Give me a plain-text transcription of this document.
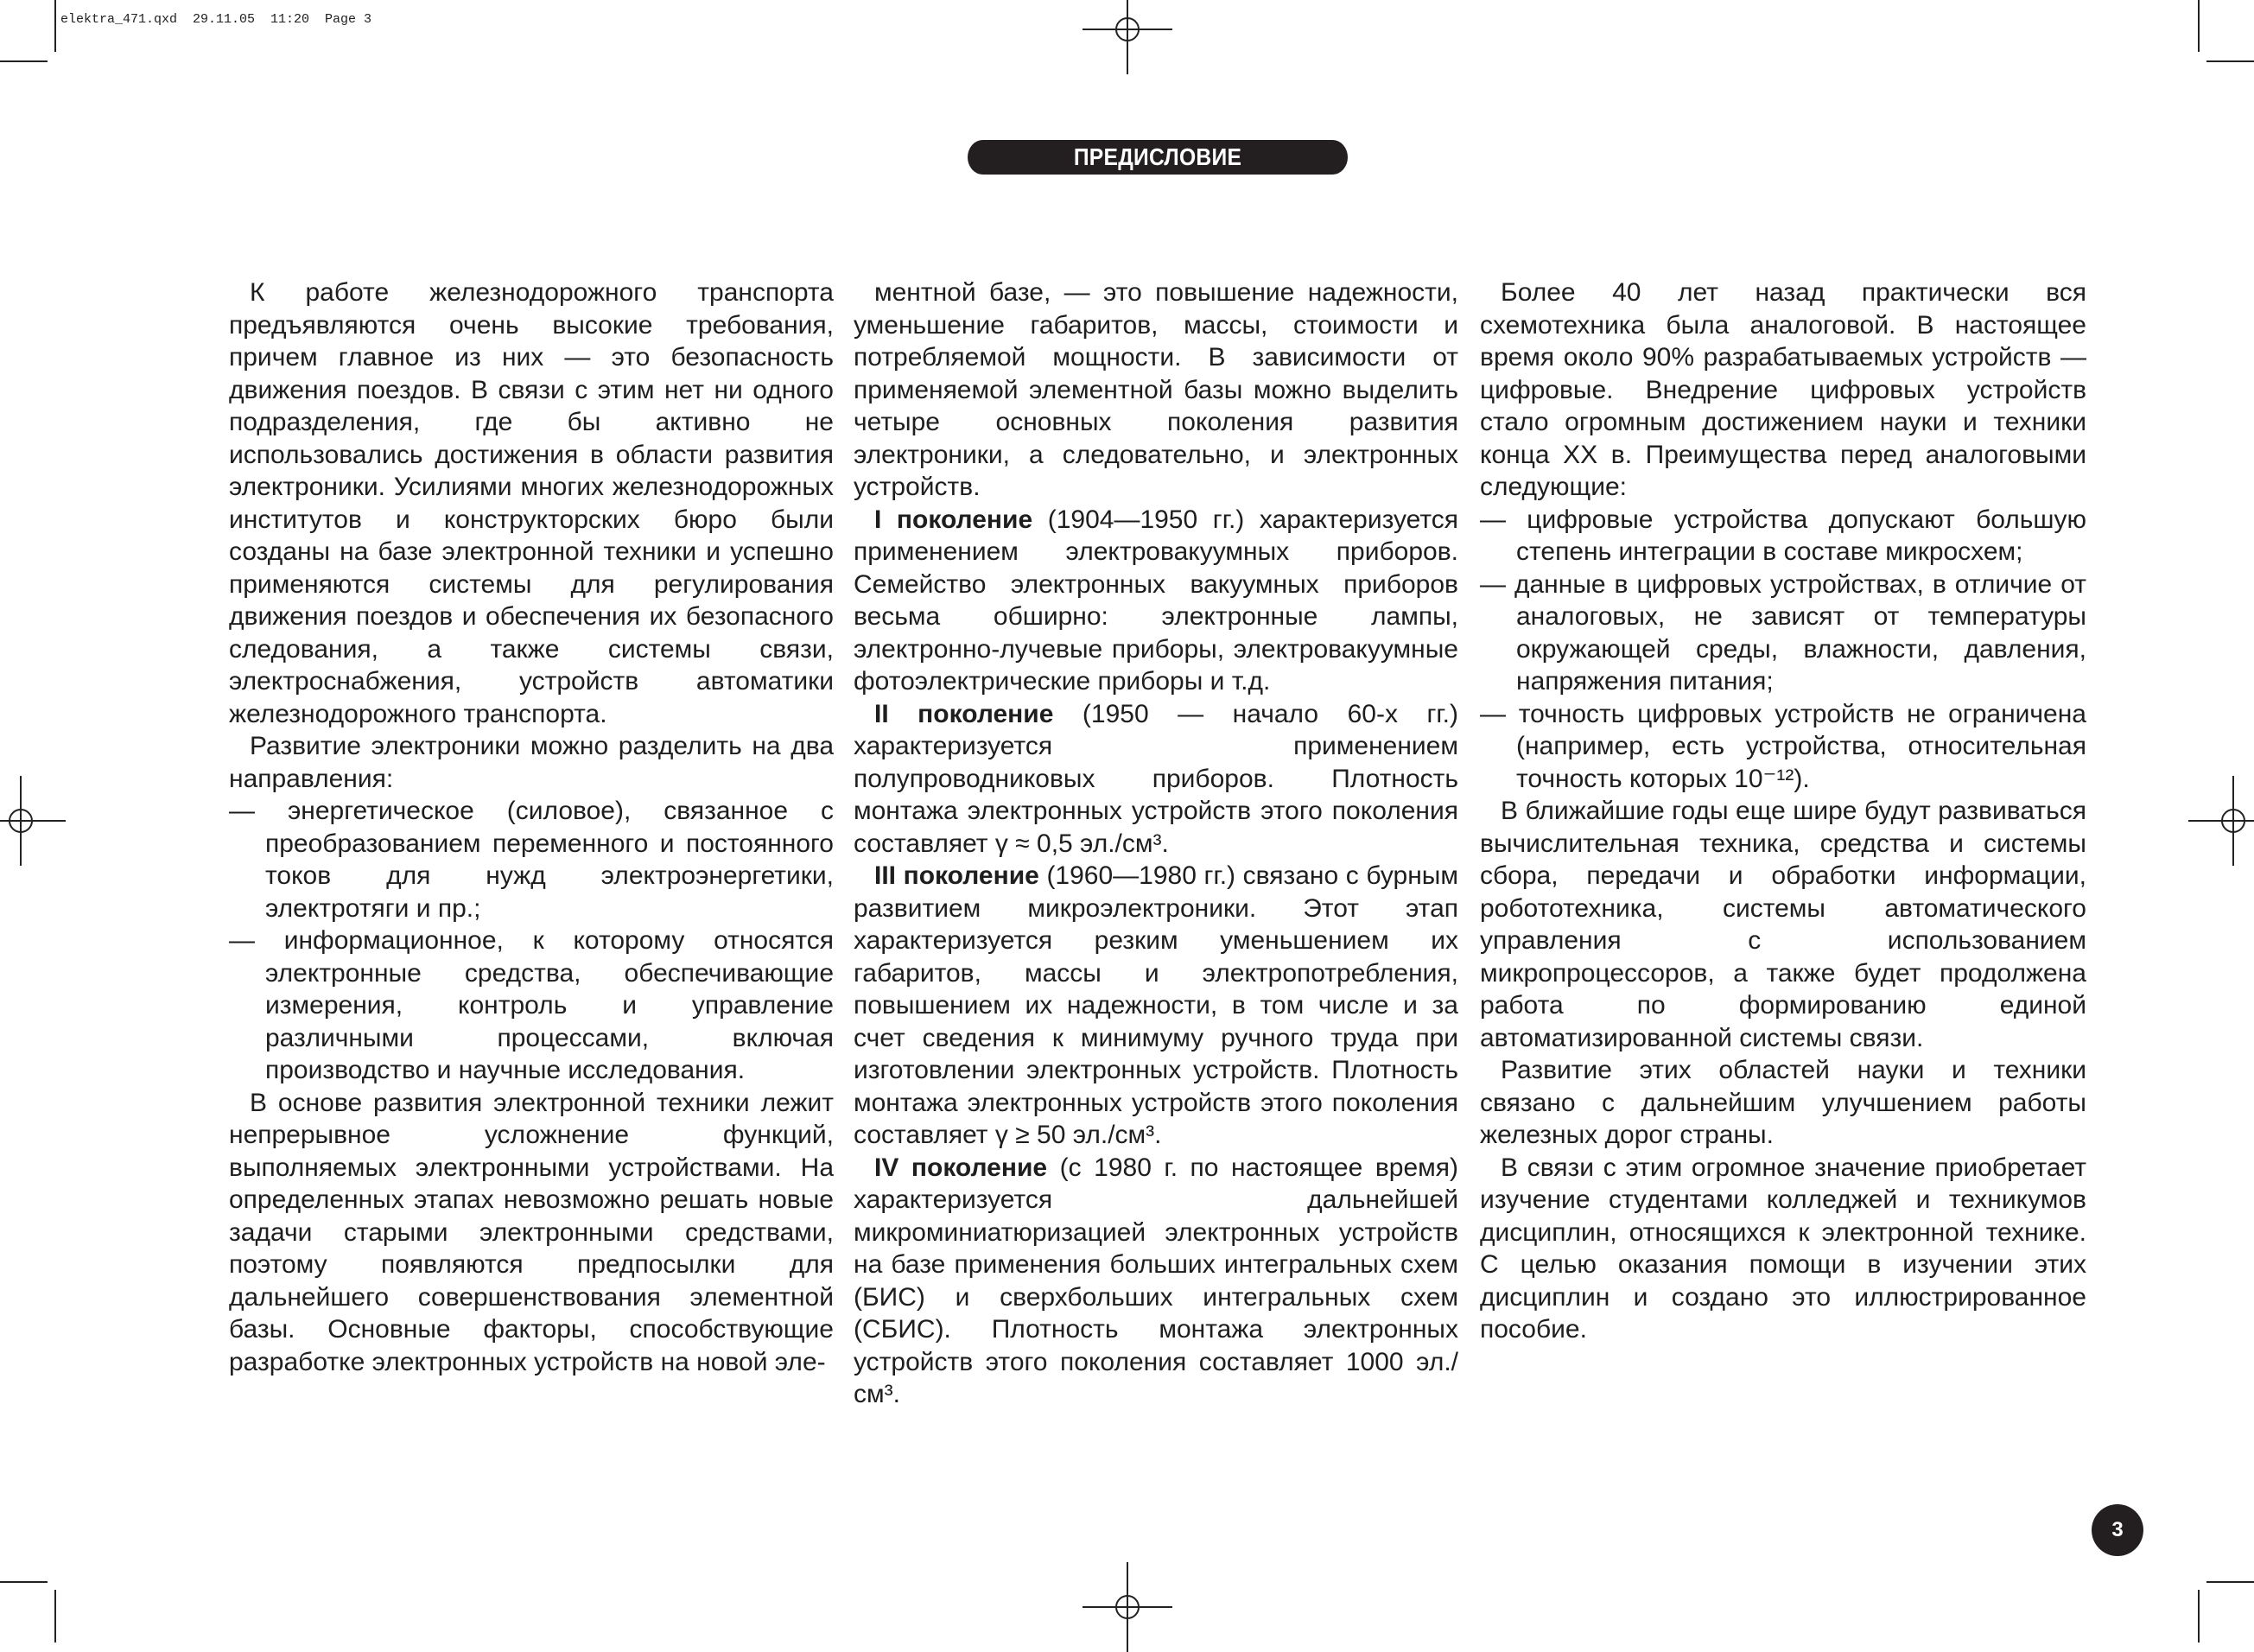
elektra_471.qxd  29.11.05  11:20  Page 3
ПРЕДИСЛОВИЕ

К работе железнодорожного транспорта предъявляются очень высокие требования, причем главное из них — это безопасность движения поездов. В связи с этим нет ни одного подразделения, где бы активно не использовались достижения в области развития электроники. Усилиями многих железнодорожных институтов и конструкторских бюро были созданы на базе электронной техники и успешно применяются системы для регулирования движения поездов и обеспечения их безопасного следования, а также системы связи, электроснабжения, устройств автоматики железнодорожного транспорта.

Развитие электроники можно разделить на два направления:

— энергетическое (силовое), связанное с преобразованием переменного и постоянного токов для нужд электроэнергетики, электротяги и пр.;

— информационное, к которому относятся электронные средства, обеспечивающие измерения, контроль и управление различными процессами, включая производство и научные исследования.

В основе развития электронной техники лежит непрерывное усложнение функций, выполняемых электронными устройствами. На определенных этапах невозможно решать новые задачи старыми электронными средствами, поэтому появляются предпосылки для дальнейшего совершенствования элементной базы. Основные факторы, способствующие разработке электронных устройств на новой эле-

ментной базе, — это повышение надежности, уменьшение габаритов, массы, стоимости и потребляемой мощности. В зависимости от применяемой элементной базы можно выделить четыре основных поколения развития электроники, а следовательно, и электронных устройств.

I поколение (1904—1950 гг.) характеризуется применением электровакуумных приборов. Семейство электронных вакуумных приборов весьма обширно: электронные лампы, электронно-лучевые приборы, электровакуумные фотоэлектрические приборы и т.д.

II поколение (1950 — начало 60-х гг.) характеризуется применением полупроводниковых приборов. Плотность монтажа электронных устройств этого поколения составляет γ ≈ 0,5 эл./см³.

III поколение (1960—1980 гг.) связано с бурным развитием микроэлектроники. Этот этап характеризуется резким уменьшением их габаритов, массы и электропотребления, повышением их надежности, в том числе и за счет сведения к минимуму ручного труда при изготовлении электронных устройств. Плотность монтажа электронных устройств этого поколения составляет γ ≥ 50 эл./см³.

IV поколение (с 1980 г. по настоящее время) характеризуется дальнейшей микроминиатюризацией электронных устройств на базе применения больших интегральных схем (БИС) и сверхбольших интегральных схем (СБИС). Плотность монтажа электронных устройств этого поколения составляет 1000 эл./см³.

Более 40 лет назад практически вся схемотехника была аналоговой. В настоящее время около 90% разрабатываемых устройств — цифровые. Внедрение цифровых устройств стало огромным достижением науки и техники конца XX в. Преимущества перед аналоговыми следующие:

— цифровые устройства допускают большую степень интеграции в составе микросхем;

— данные в цифровых устройствах, в отличие от аналоговых, не зависят от температуры окружающей среды, влажности, давления, напряжения питания;

— точность цифровых устройств не ограничена (например, есть устройства, относительная точность которых 10⁻¹²).

В ближайшие годы еще шире будут развиваться вычислительная техника, средства и системы сбора, передачи и обработки информации, робототехника, системы автоматического управления с использованием микропроцессоров, а также будет продолжена работа по формированию единой автоматизированной системы связи.

Развитие этих областей науки и техники связано с дальнейшим улучшением работы железных дорог страны.

В связи с этим огромное значение приобретает изучение студентами колледжей и техникумов дисциплин, относящихся к электронной технике. С целью оказания помощи в изучении этих дисциплин и создано это иллюстрированное пособие.

3
